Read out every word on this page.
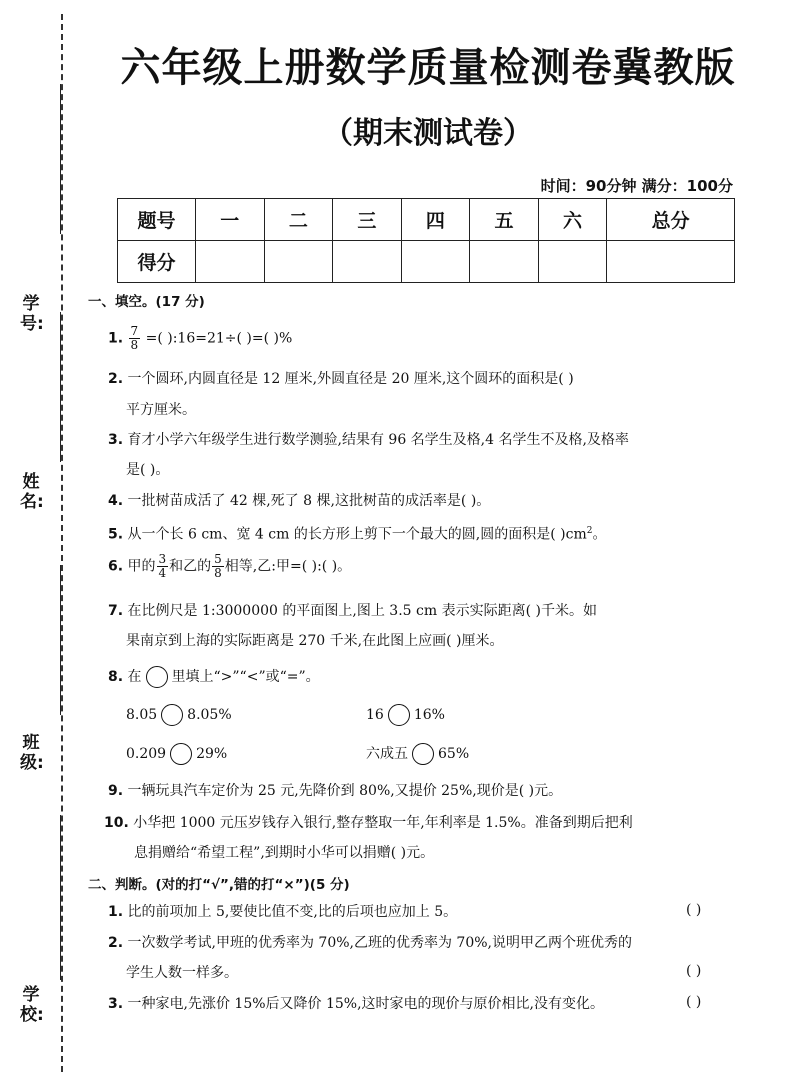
学号:
姓名:
班级:
学校:
六年级上册数学质量检测卷冀教版
（期末测试卷）
时间：90分钟 满分：100分
题号	一	二	三	四	五	六	总分
得分							
一、填空。(17 分)
1. $\frac{7}{8}$ =( ):16=21÷( )=( )%
2. 一个圆环,内圆直径是 12 厘米,外圆直径是 20 厘米,这个圆环的面积是( )
平方厘米。
3. 育才小学六年级学生进行数学测验,结果有 96 名学生及格,4 名学生不及格,及格率
是( )。
4. 一批树苗成活了 42 棵,死了 8 棵,这批树苗的成活率是( )。
5. 从一个长 6 cm、宽 4 cm 的长方形上剪下一个最大的圆,圆的面积是( )$cm^2$。
6. 甲的 $\frac{3}{4}$ 和乙的 $\frac{5}{8}$ 相等,乙:甲=( ):( )。
7. 在比例尺是 1:3000000 的平面图上,图上 3.5 cm 表示实际距离( )千米。如
果南京到上海的实际距离是 270 千米,在此图上应画( )厘米。
8. 在 里填上“>”“<”或“=”。
8.05 8.05%	16 16%
0.209 29%	六成五 65%
9. 一辆玩具汽车定价为 25 元,先降价到 80%,又提价 25%,现价是( )元。
10. 小华把 1000 元压岁钱存入银行,整存整取一年,年利率是 1.5%。准备到期后把利
息捐赠给“希望工程”,到期时小华可以捐赠( )元。
二、判断。(对的打“√”,错的打“×”)(5 分)
1. 比的前项加上 5,要使比值不变,比的后项也应加上 5。	( )
2. 一次数学考试,甲班的优秀率为 70%,乙班的优秀率为 70%,说明甲乙两个班优秀的
学生人数一样多。	( )
3. 一种家电,先涨价 15%后又降价 15%,这时家电的现价与原价相比,没有变化。	( )
